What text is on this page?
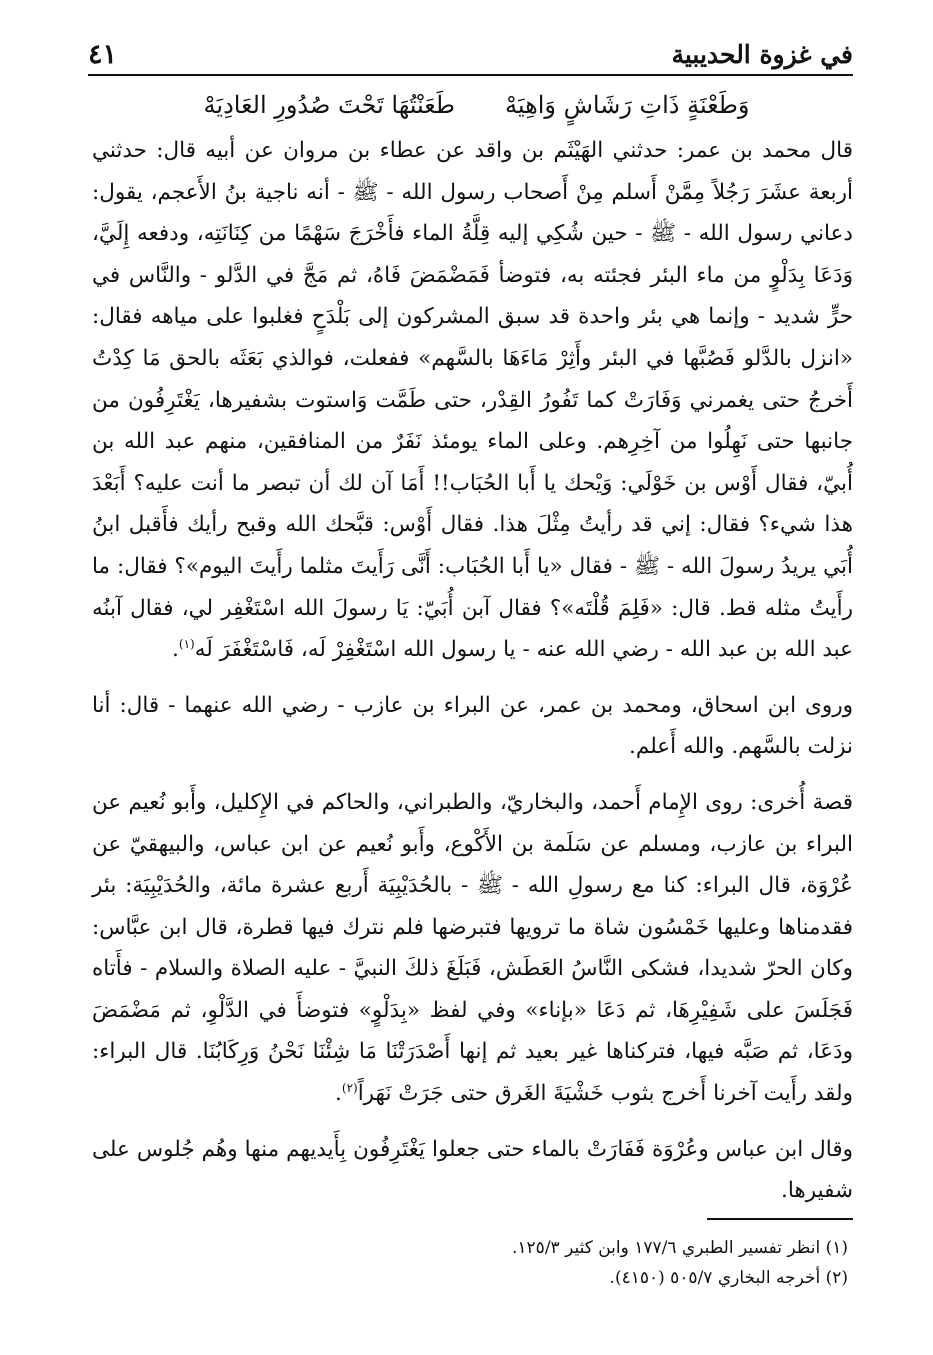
في غزوة الحديبية
٤١
وَطَعْنَةٍ ذَاتِ رَشَاشٍ وَاهِيَهْ
طَعَنْتُهَا تَحْتَ صُدُورِ العَادِيَهْ

قال محمد بن عمر: حدثني الهَيْثَم بن واقد عن عطاء بن مروان عن أبيه قال: حدثني أربعة عشَرَ رَجُلاً مِمَّنْ أَسلم مِنْ أَصحاب رسول الله - ﷺ - أنه ناجية بنُ الأَعجم، يقول: دعاني رسول الله - ﷺ - حين شُكِي إليه قِلَّةُ الماء فأَخْرَجَ سَهْمًا من كِنَانَتِه، ودفعه إِلَيَّ، وَدَعَا بِدَلْوٍ من ماء البئر فجئته به، فتوضأ فَمَضْمَضَ فَاهُ، ثم مَجَّ في الدَّلو - والنَّاس في حرٍّ شديد - وإنما هي بئر واحدة قد سبق المشركون إلى بَلْدَحٍ فغلبوا على مياهه فقال: «انزل بالدَّلو فَصُبَّها في البئر وأَثِرْ مَاءَهَا بالسَّهم» ففعلت، فوالذي بَعَثَه بالحق مَا كِدْتُ أَخرجُ حتى يغمرني وَفَارَتْ كما تَفُورُ القِدْر، حتى طَمَّت وَاستوت بشفيرها، يَغْتَرِفُون من جانبها حتى نَهِلُوا من آخِرِهم. وعلى الماء يومئذ نَفَرٌ من المنافقين، منهم عبد الله بن أُبيّ، فقال أَوْس بن خَوْلَي: وَيْحك يا أَبا الحُبَاب!! أَمَا آن لك أن تبصر ما أنت عليه؟ أَبَعْدَ هذا شيء؟ فقال: إني قد رأيتُ مِثْلَ هذا. فقال أَوْس: قبَّحك الله وقبح رأيك فأَقبل ابنُ أُبَي يريدُ رسولَ الله - ﷺ - فقال «يا أَبا الحُبَاب: أَنَّى رَأَيتَ مثلما رأَيتَ اليوم»؟ فقال: ما رأَيتُ مثله قط. قال: «فَلِمَ قُلْتَه»؟ فقال آبن أُبَيّ: يَا رسولَ الله اسْتَغْفِر لي، فقال آبنُه عبد الله بن عبد الله - رضي الله عنه - يا رسول الله اسْتَغْفِرْ لَه، فَاسْتَغْفَرَ لَه$^{(١)}$.

وروى ابن اسحاق، ومحمد بن عمر، عن البراء بن عازب - رضي الله عنهما - قال: أنا نزلت بالسَّهم. والله أَعلم.

قصة أُخرى: روى الإِمام أَحمد، والبخاريّ، والطبراني، والحاكم في الإِكليل، وأَبو نُعيم عن البراء بن عازب، ومسلم عن سَلَمة بن الأَكْوع، وأَبو نُعيم عن ابن عباس، والبيهقيّ عن عُرْوَة، قال البراء: كنا مع رسولِ الله - ﷺ - بالحُدَيْبِيَة أَربع عشرة مائة، والحُدَيْبِيَة: بئر فقدمناها وعليها خَمْسُون شاة ما ترويها فتبرضها فلم نترك فيها قطرة، قال ابن عبَّاس: وكان الحرّ شديدا، فشكى النَّاسُ العَطَش، فَبَلَغَ ذلكَ النبيَّ - عليه الصلاة والسلام - فأَتاه فَجَلَسَ على شَفِيْرِهَا، ثم دَعَا «بإناء» وفي لفظ «بِدَلْوٍ» فتوضأَ في الدَّلْوِ، ثم مَضْمَضَ ودَعَا، ثم صَبَّه فيها، فتركناها غير بعيد ثم إنها أَصْدَرَتْنَا مَا شِئْنَا نَحْنُ وَرِكَابُنَا. قال البراء: ولقد رأَيت آخرنا أَخرج بثوب خَشْيَةَ الغَرق حتى جَرَتْ نَهَراً$^{(٢)}$.

وقال ابن عباس وعُرْوَة فَفَارَتْ بالماء حتى جعلوا يَغْتَرِفُون بِأَيديهم منها وهُم جُلوس على شفيرها.

(١) انظر تفسير الطبري ١٧٧/٦ وابن كثير ١٢٥/٣.
(٢) أخرجه البخاري ٥٠٥/٧ (٤١٥٠).
